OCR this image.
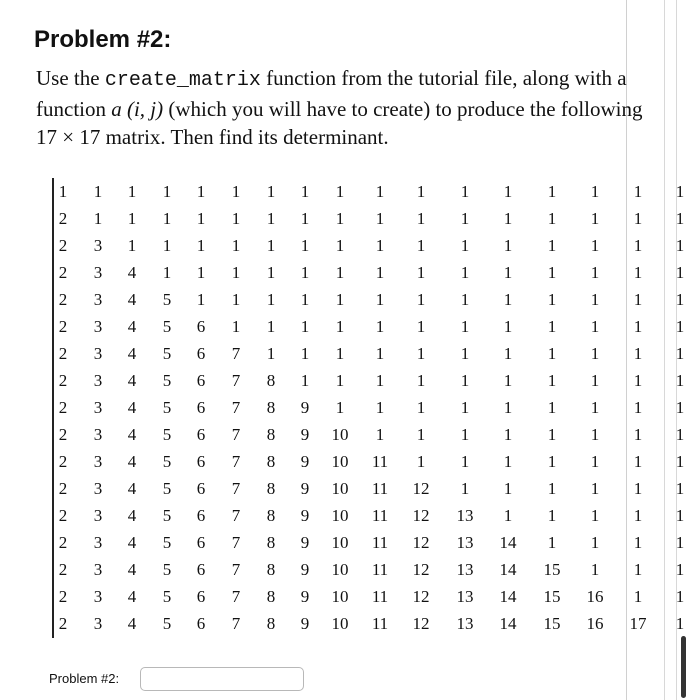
Problem #2:

Use the create_matrix function from the tutorial file, along with a function a (i, j) (which you will have to create) to produce the following 17 × 17 matrix. Then find its determinant.

1	1	1	1	1	1	1	1	1	1	1	1	1	1	1	1	1
2	1	1	1	1	1	1	1	1	1	1	1	1	1	1	1	1
2	3	1	1	1	1	1	1	1	1	1	1	1	1	1	1	1
2	3	4	1	1	1	1	1	1	1	1	1	1	1	1	1	1
2	3	4	5	1	1	1	1	1	1	1	1	1	1	1	1	1
2	3	4	5	6	1	1	1	1	1	1	1	1	1	1	1	1
2	3	4	5	6	7	1	1	1	1	1	1	1	1	1	1	1
2	3	4	5	6	7	8	1	1	1	1	1	1	1	1	1	1
2	3	4	5	6	7	8	9	1	1	1	1	1	1	1	1	1
2	3	4	5	6	7	8	9	10	1	1	1	1	1	1	1	1
2	3	4	5	6	7	8	9	10	11	1	1	1	1	1	1	1
2	3	4	5	6	7	8	9	10	11	12	1	1	1	1	1	1
2	3	4	5	6	7	8	9	10	11	12	13	1	1	1	1	1
2	3	4	5	6	7	8	9	10	11	12	13	14	1	1	1	1
2	3	4	5	6	7	8	9	10	11	12	13	14	15	1	1	1
2	3	4	5	6	7	8	9	10	11	12	13	14	15	16	1	1
2	3	4	5	6	7	8	9	10	11	12	13	14	15	16	17	1
Problem #2:
